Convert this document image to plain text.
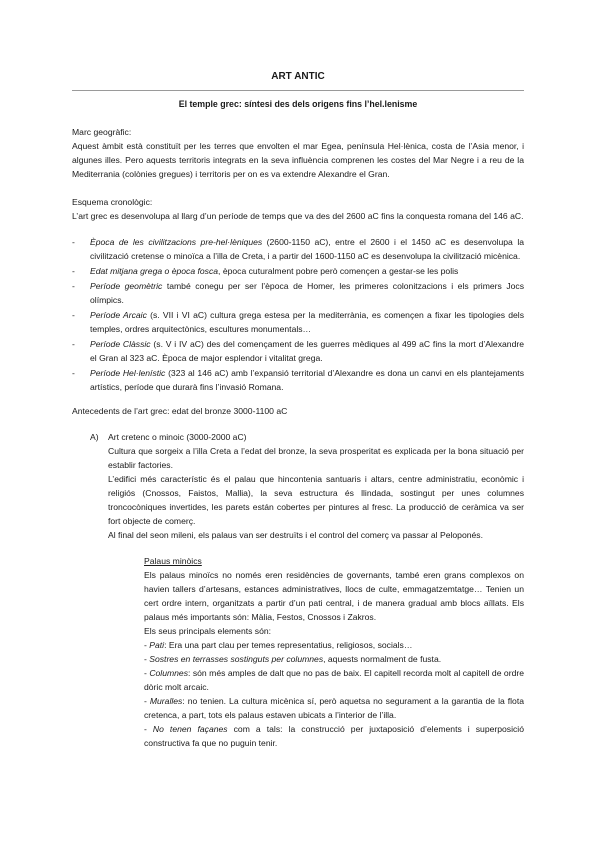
ART ANTIC

El temple grec: síntesi des dels origens fins l’hel.lenisme

Marc geogràfic:

Aquest àmbit està constituït per les terres que envolten el mar Egea, península Hel·lènica, costa de l’Asia menor, i algunes illes. Pero aquests territoris integrats en la seva influència comprenen les costes del Mar Negre i a reu de la Mediterrania (colònies gregues) i territoris per on es va extendre Alexandre el Gran.

Esquema cronològic:

L’art grec es desenvolupa al llarg d’un període de temps que va des del 2600 aC fins la conquesta romana del 146 aC.

- Època de les civilitzacions pre-hel·lèniques (2600-1150 aC), entre el 2600 i el 1450 aC es desenvolupa la civilització cretense o minoïca a l’illa de Creta, i a partir del 1600-1150 aC es desenvolupa la civilització micènica.
- Edat mitjana grega o època fosca, època cuturalment pobre però començen a gestar-se les polis
- Període geomètric també conegu per ser l’època de Homer, les primeres colonitzacions i els primers Jocs olímpics.
- Període Arcaic (s. VII i VI aC) cultura grega estesa per la mediterrània, es començen a fixar les tipologies dels temples, ordres arquitectònics, escultures monumentals…
- Període Clàssic (s. V i IV aC) des del començament de les guerres mèdiques al 499 aC fins la mort d’Alexandre el Gran al 323 aC. Època de major esplendor i vitalitat grega.
- Període Hel·lenístic (323 al 146 aC) amb l’expansió territorial d’Alexandre es dona un canvi en els plantejaments artístics, període que durarà fins l’invasió Romana.
Antecedents de l’art grec: edat del bronze 3000-1100 aC
A) Art cretenc o minoic (3000-2000 aC)

Cultura que sorgeix a l’illa Creta a l’edat del bronze, la seva prosperitat es explicada per la bona situació per establir factories.

L’edifici més característic és el palau que hincontenia santuaris i altars, centre administratiu, econòmic i religiós (Cnossos, Faistos, Mallia), la seva estructura és llindada, sostingut per unes columnes troncocòniques invertides, les parets están cobertes per pintures al fresc. La producció de ceràmica va ser fort objecte de comerç.

Al final del seon mileni, els palaus van ser destruïts i el control del comerç va passar al Peloponés.

Palaus minòics

Els palaus minoïcs no només eren residències de governants, també eren grans complexos on havien tallers d’artesans, estances administratives, llocs de culte, emmagatzemtatge… Tenien un cert ordre intern, organitzats a partir d’un pati central, i de manera gradual amb blocs aïllats. Els palaus més importants són: Màlia, Festos, Cnossos i Zakros.

Els seus principals elements són:

- Pati: Era una part clau per temes representatius, religiosos, socials…

- Sostres en terrasses sostinguts per columnes, aquests normalment de fusta.

- Columnes: són més amples de dalt que no pas de baix. El capitell recorda molt al capitell de ordre dòric molt arcaic.

- Muralles: no tenien. La cultura micènica sí, però aquetsa no segurament a la garantia de la flota cretenca, a part, tots els palaus estaven ubicats a l’interior de l’illa.

- No tenen façanes com a tals: la construcció per juxtaposició d’elements i superposició constructiva fa que no puguin tenir.
